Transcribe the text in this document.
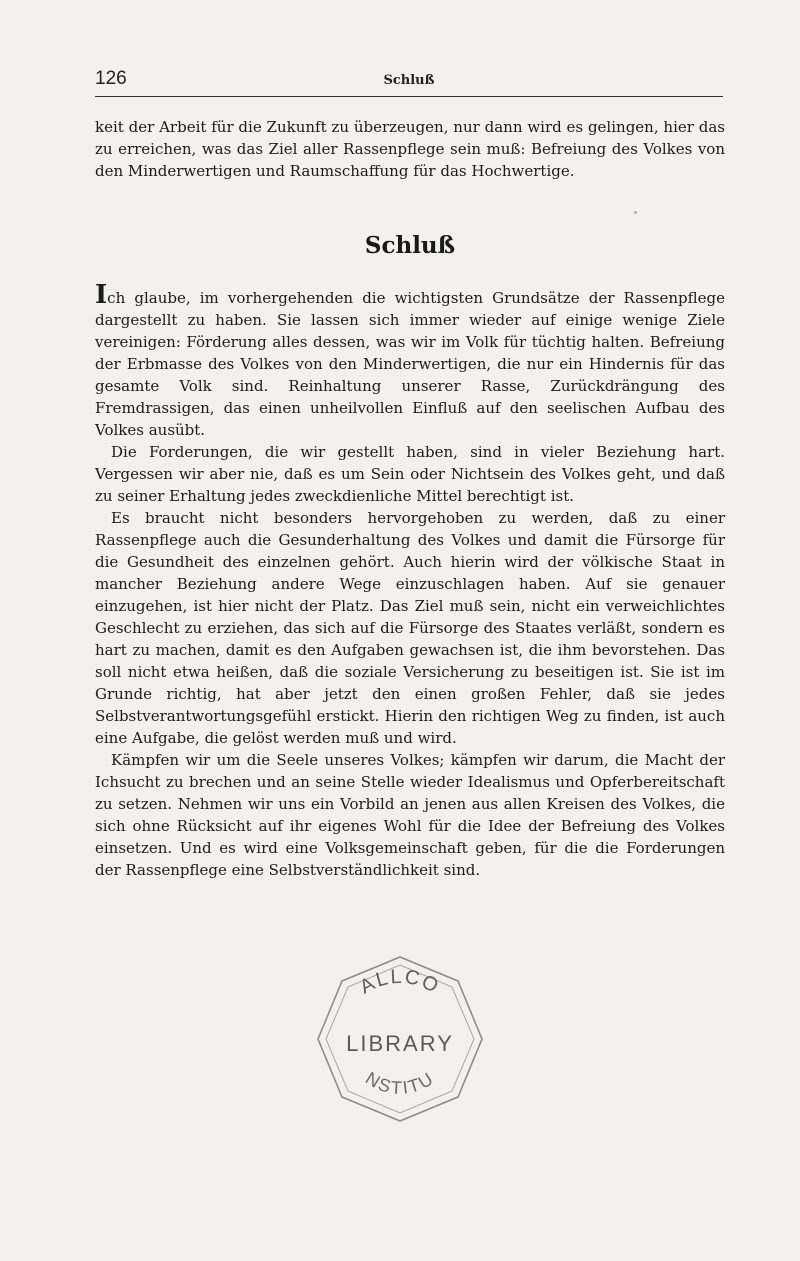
126	Schluß

keit der Arbeit für die Zukunft zu überzeugen, nur dann wird es gelingen, hier das zu erreichen, was das Ziel aller Rassenpflege sein muß: Befreiung des Volkes von den Minderwertigen und Raumschaffung für das Hochwertige.

Schluß

Ich glaube, im vorhergehenden die wichtigsten Grundsätze der Rassenpflege dargestellt zu haben. Sie lassen sich immer wieder auf einige wenige Ziele vereinigen: Förderung alles dessen, was wir im Volk für tüchtig halten. Befreiung der Erbmasse des Volkes von den Minderwertigen, die nur ein Hindernis für das gesamte Volk sind. Reinhaltung unserer Rasse, Zurückdrängung des Fremdrassigen, das einen unheilvollen Einfluß auf den seelischen Aufbau des Volkes ausübt.

Die Forderungen, die wir gestellt haben, sind in vieler Beziehung hart. Vergessen wir aber nie, daß es um Sein oder Nichtsein des Volkes geht, und daß zu seiner Erhaltung jedes zweckdienliche Mittel berechtigt ist.

Es braucht nicht besonders hervorgehoben zu werden, daß zu einer Rassenpflege auch die Gesunderhaltung des Volkes und damit die Fürsorge für die Gesundheit des einzelnen gehört. Auch hierin wird der völkische Staat in mancher Beziehung andere Wege einzuschlagen haben. Auf sie genauer einzugehen, ist hier nicht der Platz. Das Ziel muß sein, nicht ein verweichlichtes Geschlecht zu erziehen, das sich auf die Fürsorge des Staates verläßt, sondern es hart zu machen, damit es den Aufgaben gewachsen ist, die ihm bevorstehen. Das soll nicht etwa heißen, daß die soziale Versicherung zu beseitigen ist. Sie ist im Grunde richtig, hat aber jetzt den einen großen Fehler, daß sie jedes Selbstverantwortungsgefühl erstickt. Hierin den richtigen Weg zu finden, ist auch eine Aufgabe, die gelöst werden muß und wird.

Kämpfen wir um die Seele unseres Volkes; kämpfen wir darum, die Macht der Ichsucht zu brechen und an seine Stelle wieder Idealismus und Opferbereitschaft zu setzen. Nehmen wir uns ein Vorbild an jenen aus allen Kreisen des Volkes, die sich ohne Rücksicht auf ihr eigenes Wohl für die Idee der Befreiung des Volkes einsetzen. Und es wird eine Volksgemeinschaft geben, für die die Forderungen der Rassenpflege eine Selbstverständlichkeit sind.

ALLCO
LIBRARY
NSTITU
